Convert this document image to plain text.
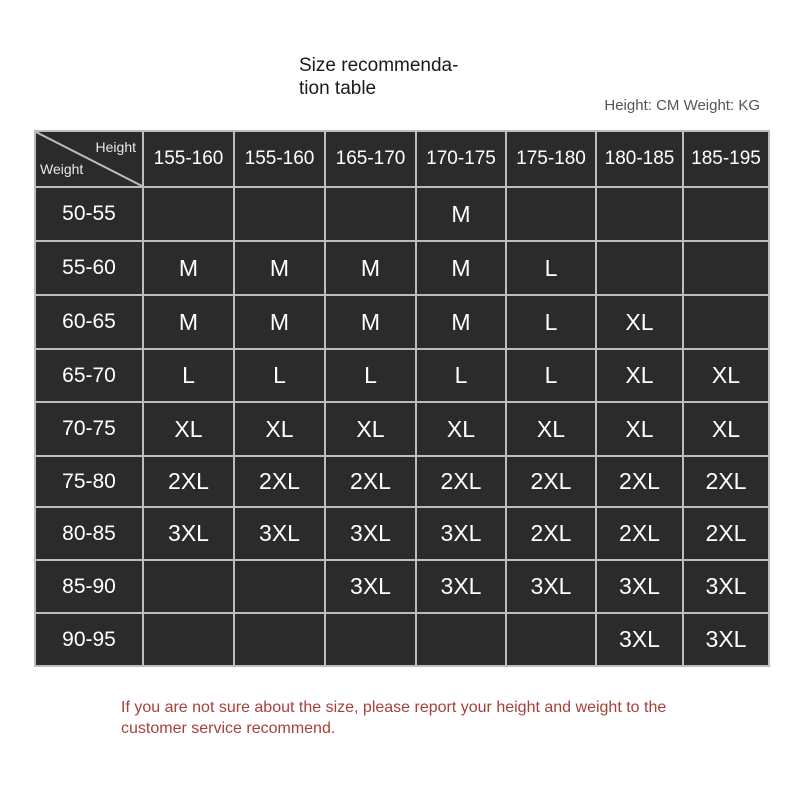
Size recommenda-
tion table
Height: CM Weight: KG
Height
Weight	155-160	155-160	165-170	170-175	175-180	180-185	185-195
50-55				M			
55-60	M	M	M	M	L		
60-65	M	M	M	M	L	XL	
65-70	L	L	L	L	L	XL	XL
70-75	XL	XL	XL	XL	XL	XL	XL
75-80	2XL	2XL	2XL	2XL	2XL	2XL	2XL
80-85	3XL	3XL	3XL	3XL	2XL	2XL	2XL
85-90			3XL	3XL	3XL	3XL	3XL
90-95						3XL	3XL
If you are not sure about the size, please report your height and weight to the customer service recommend.
